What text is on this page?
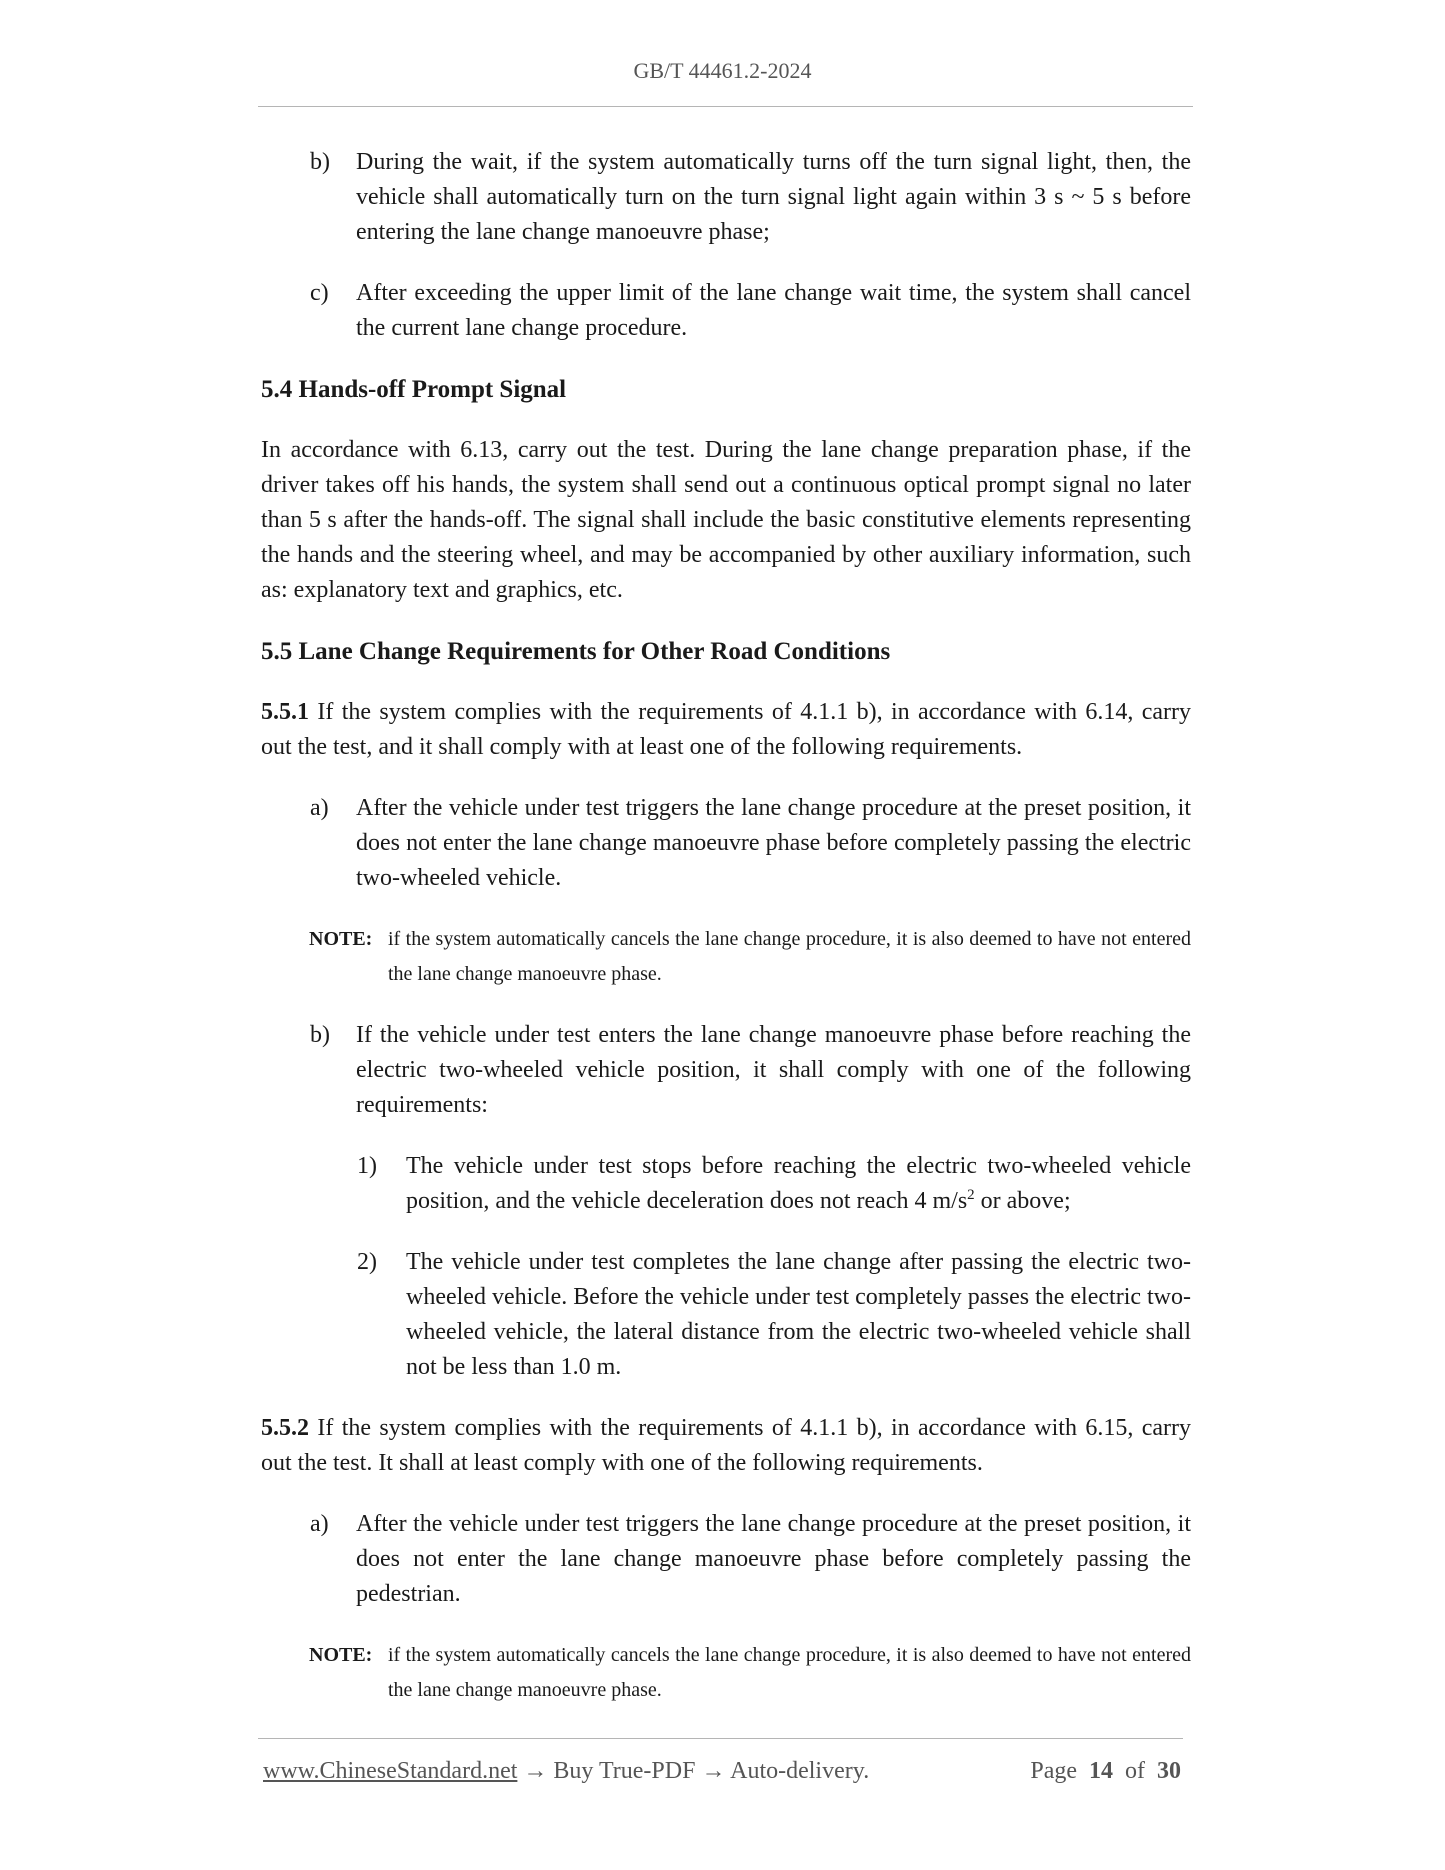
GB/T 44461.2-2024
b) During the wait, if the system automatically turns off the turn signal light, then, the vehicle shall automatically turn on the turn signal light again within 3 s ~ 5 s before entering the lane change manoeuvre phase;
c) After exceeding the upper limit of the lane change wait time, the system shall cancel the current lane change procedure.
5.4 Hands-off Prompt Signal
In accordance with 6.13, carry out the test. During the lane change preparation phase, if the driver takes off his hands, the system shall send out a continuous optical prompt signal no later than 5 s after the hands-off. The signal shall include the basic constitutive elements representing the hands and the steering wheel, and may be accompanied by other auxiliary information, such as: explanatory text and graphics, etc.
5.5 Lane Change Requirements for Other Road Conditions
5.5.1 If the system complies with the requirements of 4.1.1 b), in accordance with 6.14, carry out the test, and it shall comply with at least one of the following requirements.
a) After the vehicle under test triggers the lane change procedure at the preset position, it does not enter the lane change manoeuvre phase before completely passing the electric two-wheeled vehicle.
NOTE: if the system automatically cancels the lane change procedure, it is also deemed to have not entered the lane change manoeuvre phase.
b) If the vehicle under test enters the lane change manoeuvre phase before reaching the electric two-wheeled vehicle position, it shall comply with one of the following requirements:
1) The vehicle under test stops before reaching the electric two-wheeled vehicle position, and the vehicle deceleration does not reach 4 $m/s^2$ or above;
2) The vehicle under test completes the lane change after passing the electric two-wheeled vehicle. Before the vehicle under test completely passes the electric two-wheeled vehicle, the lateral distance from the electric two-wheeled vehicle shall not be less than 1.0 m.
5.5.2 If the system complies with the requirements of 4.1.1 b), in accordance with 6.15, carry out the test. It shall at least comply with one of the following requirements.
a) After the vehicle under test triggers the lane change procedure at the preset position, it does not enter the lane change manoeuvre phase before completely passing the pedestrian.
NOTE: if the system automatically cancels the lane change procedure, it is also deemed to have not entered the lane change manoeuvre phase.
www.ChineseStandard.net → Buy True-PDF → Auto-delivery.	Page 14 of 30
